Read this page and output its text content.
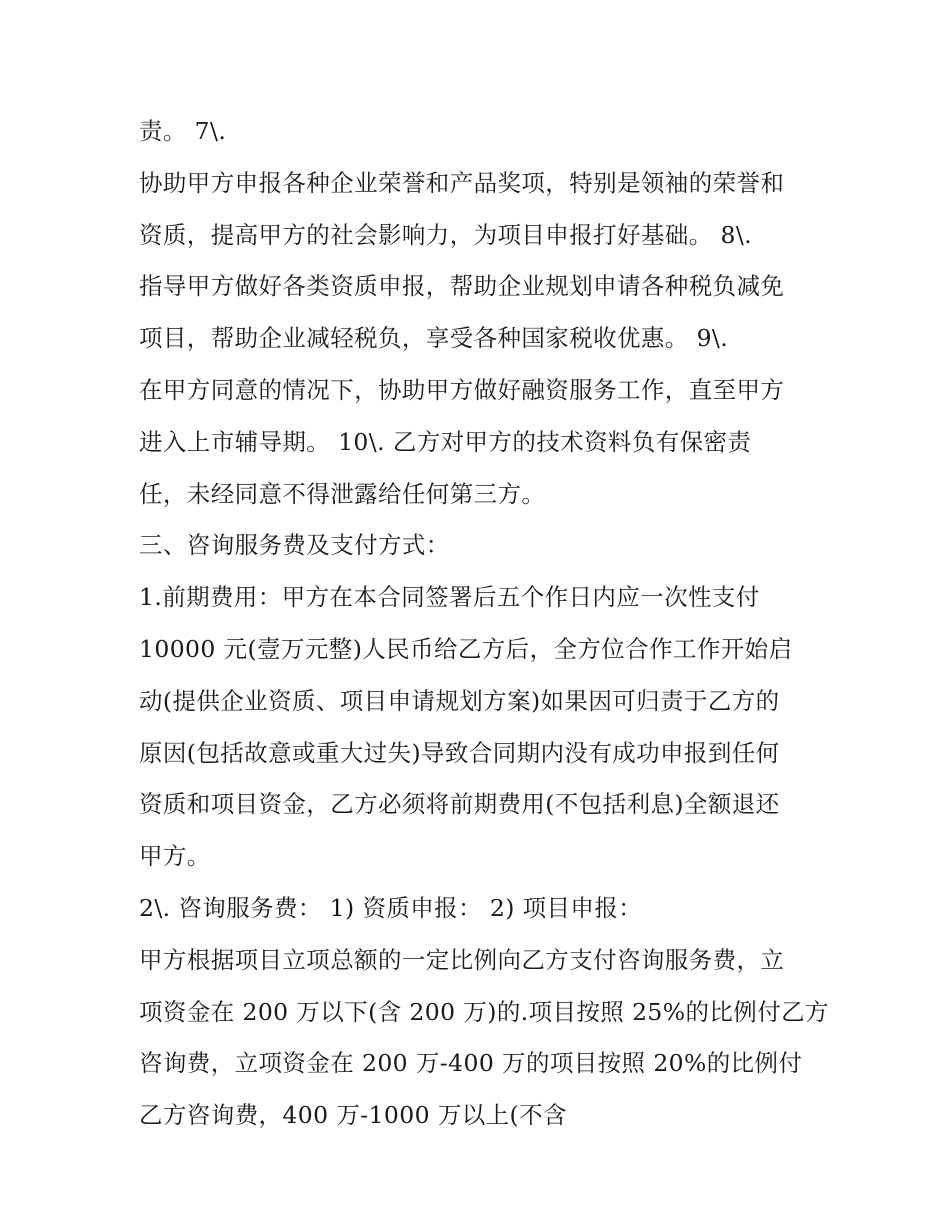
责。 7\.
协助甲方申报各种企业荣誉和产品奖项，特别是领袖的荣誉和
资质，提高甲方的社会影响力，为项目申报打好基础。 8\.
指导甲方做好各类资质申报，帮助企业规划申请各种税负减免
项目，帮助企业减轻税负，享受各种国家税收优惠。 9\.
在甲方同意的情况下，协助甲方做好融资服务工作，直至甲方
进入上市辅导期。 10\. 乙方对甲方的技术资料负有保密责
任，未经同意不得泄露给任何第三方。
三、咨询服务费及支付方式：
1.前期费用：甲方在本合同签署后五个作日内应一次性支付
10000 元(壹万元整)人民币给乙方后，全方位合作工作开始启
动(提供企业资质、项目申请规划方案)如果因可归责于乙方的
原因(包括故意或重大过失)导致合同期内没有成功申报到任何
资质和项目资金，乙方必须将前期费用(不包括利息)全额退还
甲方。
2\. 咨询服务费： 1) 资质申报： 2) 项目申报：
甲方根据项目立项总额的一定比例向乙方支付咨询服务费，立
项资金在 200 万以下(含 200 万)的.项目按照 25%的比例付乙方
咨询费，立项资金在 200 万-400 万的项目按照 20%的比例付
乙方咨询费，400 万-1000 万以上(不含
